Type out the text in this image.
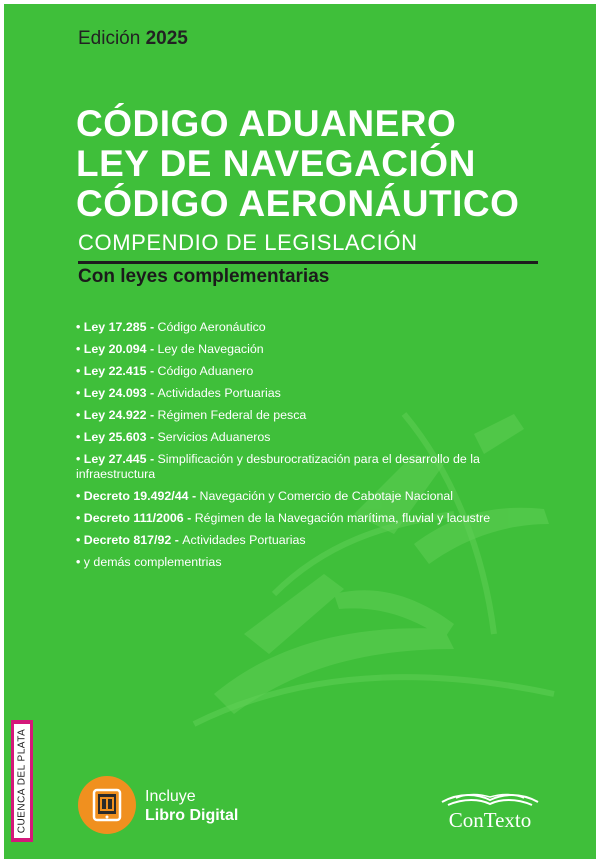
Edición 2025
CÓDIGO ADUANERO
LEY DE NAVEGACIÓN
CÓDIGO AERONÁUTICO
COMPENDIO DE LEGISLACIÓN
Con leyes complementarias
• Ley 17.285 - Código Aeronáutico
• Ley 20.094 - Ley de Navegación
• Ley 22.415 - Código Aduanero
• Ley 24.093 - Actividades Portuarias
• Ley 24.922 - Régimen Federal de pesca
• Ley 25.603 - Servicios Aduaneros
• Ley 27.445 - Simplificación y desburocratización para el desarrollo de la infraestructura
• Decreto 19.492/44 - Navegación y Comercio de Cabotaje Nacional
• Decreto 111/2006 - Régimen de la Navegación marítima, fluvial y lacustre
• Decreto 817/92 - Actividades Portuarias
• y demás complementrias
CUENCA DEL PLATA	Incluye
Libro Digital	ConTexto
